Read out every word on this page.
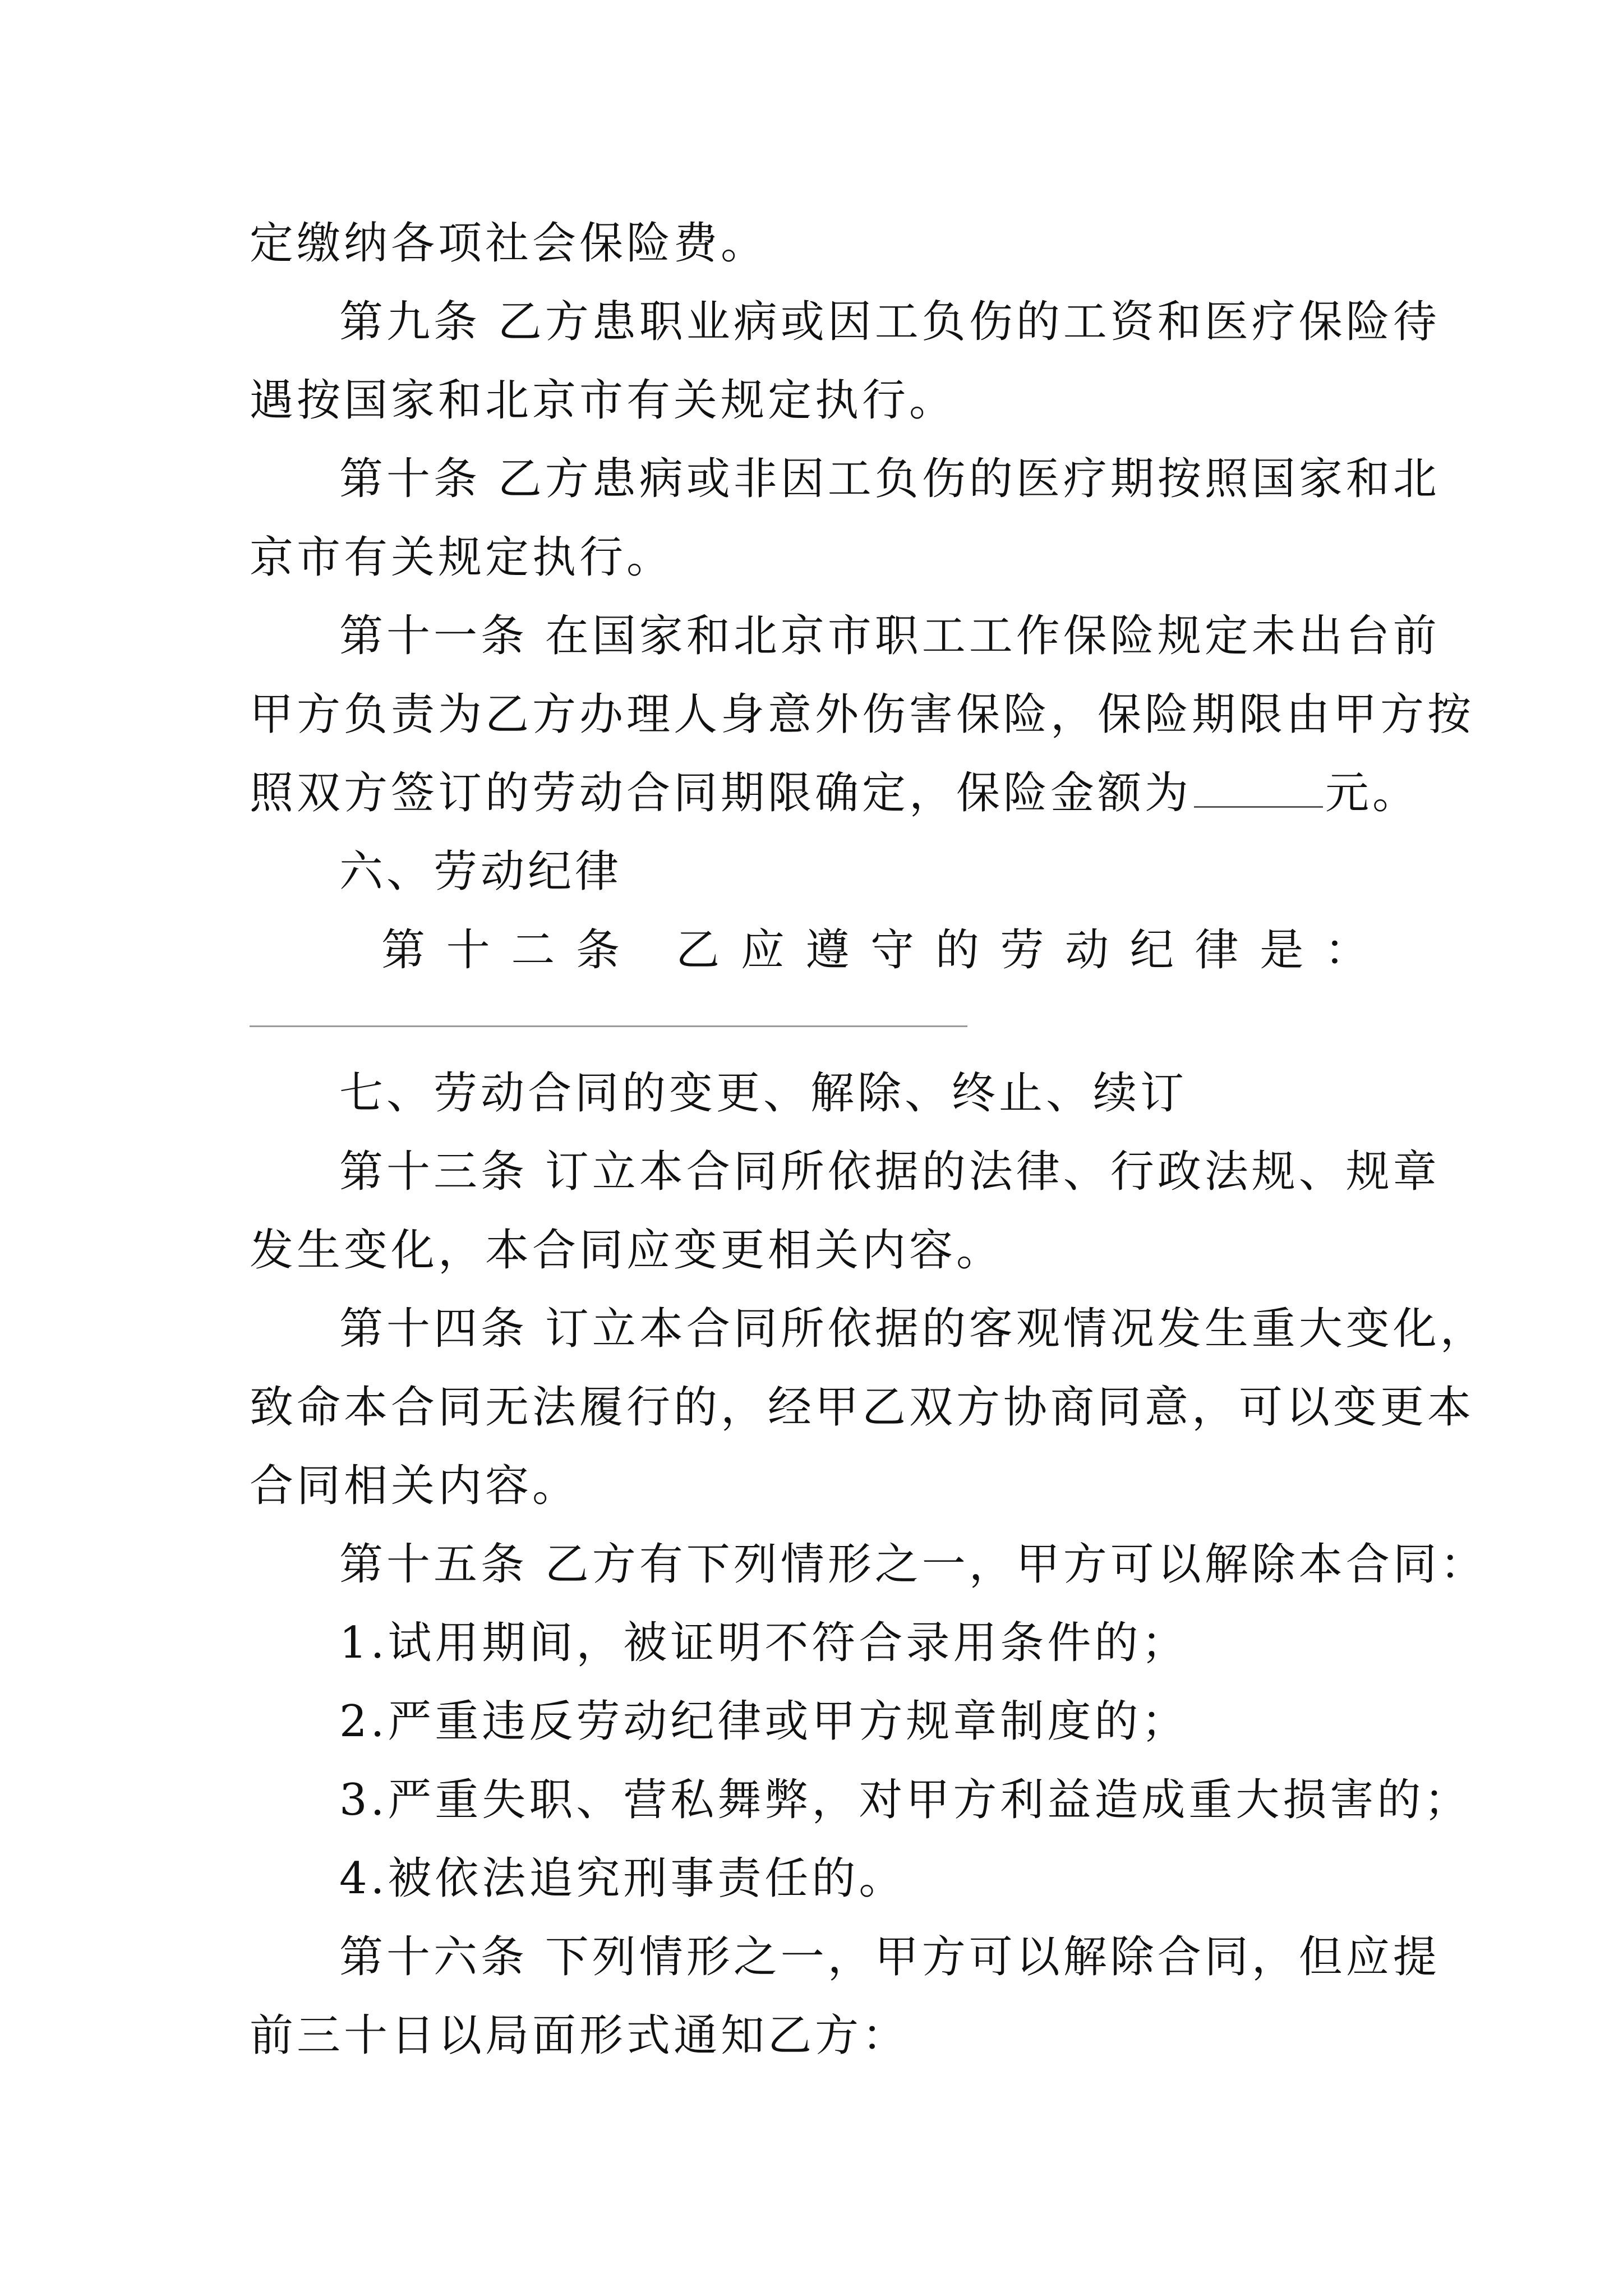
定缴纳各项社会保险费。
第九条 乙方患职业病或因工负伤的工资和医疗保险待
遇按国家和北京市有关规定执行。
第十条 乙方患病或非因工负伤的医疗期按照国家和北
京市有关规定执行。
第十一条 在国家和北京市职工工作保险规定未出台前
甲方负责为乙方办理人身意外伤害保险，保险期限由甲方按
照双方签订的劳动合同期限确定，保险金额为	元。
六、劳动纪律
第 十 二 条
乙 应 遵 守 的 劳 动 纪 律 是 ：
七、劳动合同的变更、解除、终止、续订
第十三条 订立本合同所依据的法律、行政法规、规章
发生变化，本合同应变更相关内容。
第十四条 订立本合同所依据的客观情况发生重大变化，
致命本合同无法履行的，经甲乙双方协商同意，可以变更本
合同相关内容。
第十五条 乙方有下列情形之一，甲方可以解除本合同：
1.试用期间，被证明不符合录用条件的；
2.严重违反劳动纪律或甲方规章制度的；
3.严重失职、营私舞弊，对甲方利益造成重大损害的；
4.被依法追究刑事责任的。
第十六条 下列情形之一，甲方可以解除合同，但应提
前三十日以局面形式通知乙方：
